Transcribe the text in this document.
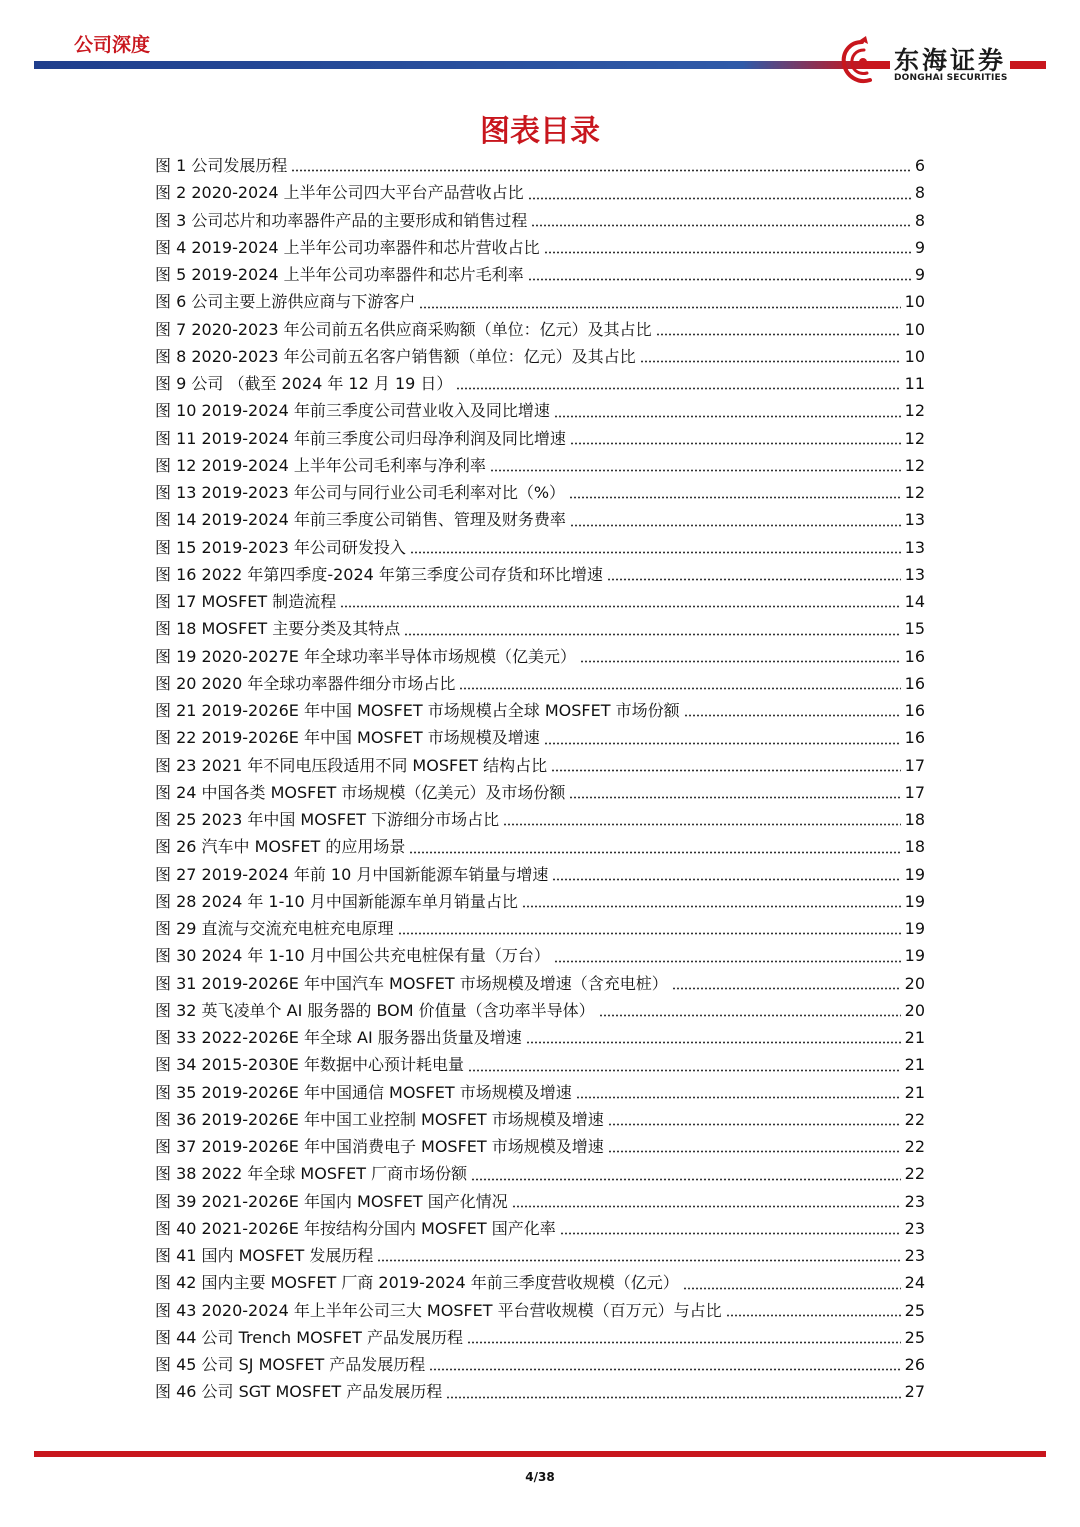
公司深度
东海证券
DONGHAI SECURITIES
图表目录
图 1 公司发展历程	6
图 2 2020-2024 上半年公司四大平台产品营收占比	8
图 3 公司芯片和功率器件产品的主要形成和销售过程	8
图 4 2019-2024 上半年公司功率器件和芯片营收占比	9
图 5 2019-2024 上半年公司功率器件和芯片毛利率	9
图 6 公司主要上游供应商与下游客户	10
图 7 2020-2023 年公司前五名供应商采购额（单位：亿元）及其占比	10
图 8 2020-2023 年公司前五名客户销售额（单位：亿元）及其占比	10
图 9 公司 （截至 2024 年 12 月 19 日）	11
图 10 2019-2024 年前三季度公司营业收入及同比增速	12
图 11 2019-2024 年前三季度公司归母净利润及同比增速	12
图 12 2019-2024 上半年公司毛利率与净利率	12
图 13 2019-2023 年公司与同行业公司毛利率对比（%）	12
图 14 2019-2024 年前三季度公司销售、管理及财务费率	13
图 15 2019-2023 年公司研发投入	13
图 16 2022 年第四季度-2024 年第三季度公司存货和环比增速	13
图 17 MOSFET 制造流程	14
图 18 MOSFET 主要分类及其特点	15
图 19 2020-2027E 年全球功率半导体市场规模（亿美元）	16
图 20 2020 年全球功率器件细分市场占比	16
图 21 2019-2026E 年中国 MOSFET 市场规模占全球 MOSFET 市场份额	16
图 22 2019-2026E 年中国 MOSFET 市场规模及增速	16
图 23 2021 年不同电压段适用不同 MOSFET 结构占比	17
图 24 中国各类 MOSFET 市场规模（亿美元）及市场份额	17
图 25 2023 年中国 MOSFET 下游细分市场占比	18
图 26 汽车中 MOSFET 的应用场景	18
图 27 2019-2024 年前 10 月中国新能源车销量与增速	19
图 28 2024 年 1-10 月中国新能源车单月销量占比	19
图 29 直流与交流充电桩充电原理	19
图 30 2024 年 1-10 月中国公共充电桩保有量（万台）	19
图 31 2019-2026E 年中国汽车 MOSFET 市场规模及增速（含充电桩）	20
图 32 英飞凌单个 AI 服务器的 BOM 价值量（含功率半导体）	20
图 33 2022-2026E 年全球 AI 服务器出货量及增速	21
图 34 2015-2030E 年数据中心预计耗电量	21
图 35 2019-2026E 年中国通信 MOSFET 市场规模及增速	21
图 36 2019-2026E 年中国工业控制 MOSFET 市场规模及增速	22
图 37 2019-2026E 年中国消费电子 MOSFET 市场规模及增速	22
图 38 2022 年全球 MOSFET 厂商市场份额	22
图 39 2021-2026E 年国内 MOSFET 国产化情况	23
图 40 2021-2026E 年按结构分国内 MOSFET 国产化率	23
图 41 国内 MOSFET 发展历程	23
图 42 国内主要 MOSFET 厂商 2019-2024 年前三季度营收规模（亿元）	24
图 43 2020-2024 年上半年公司三大 MOSFET 平台营收规模（百万元）与占比	25
图 44 公司 Trench MOSFET 产品发展历程	25
图 45 公司 SJ MOSFET 产品发展历程	26
图 46 公司 SGT MOSFET 产品发展历程	27
4/38
